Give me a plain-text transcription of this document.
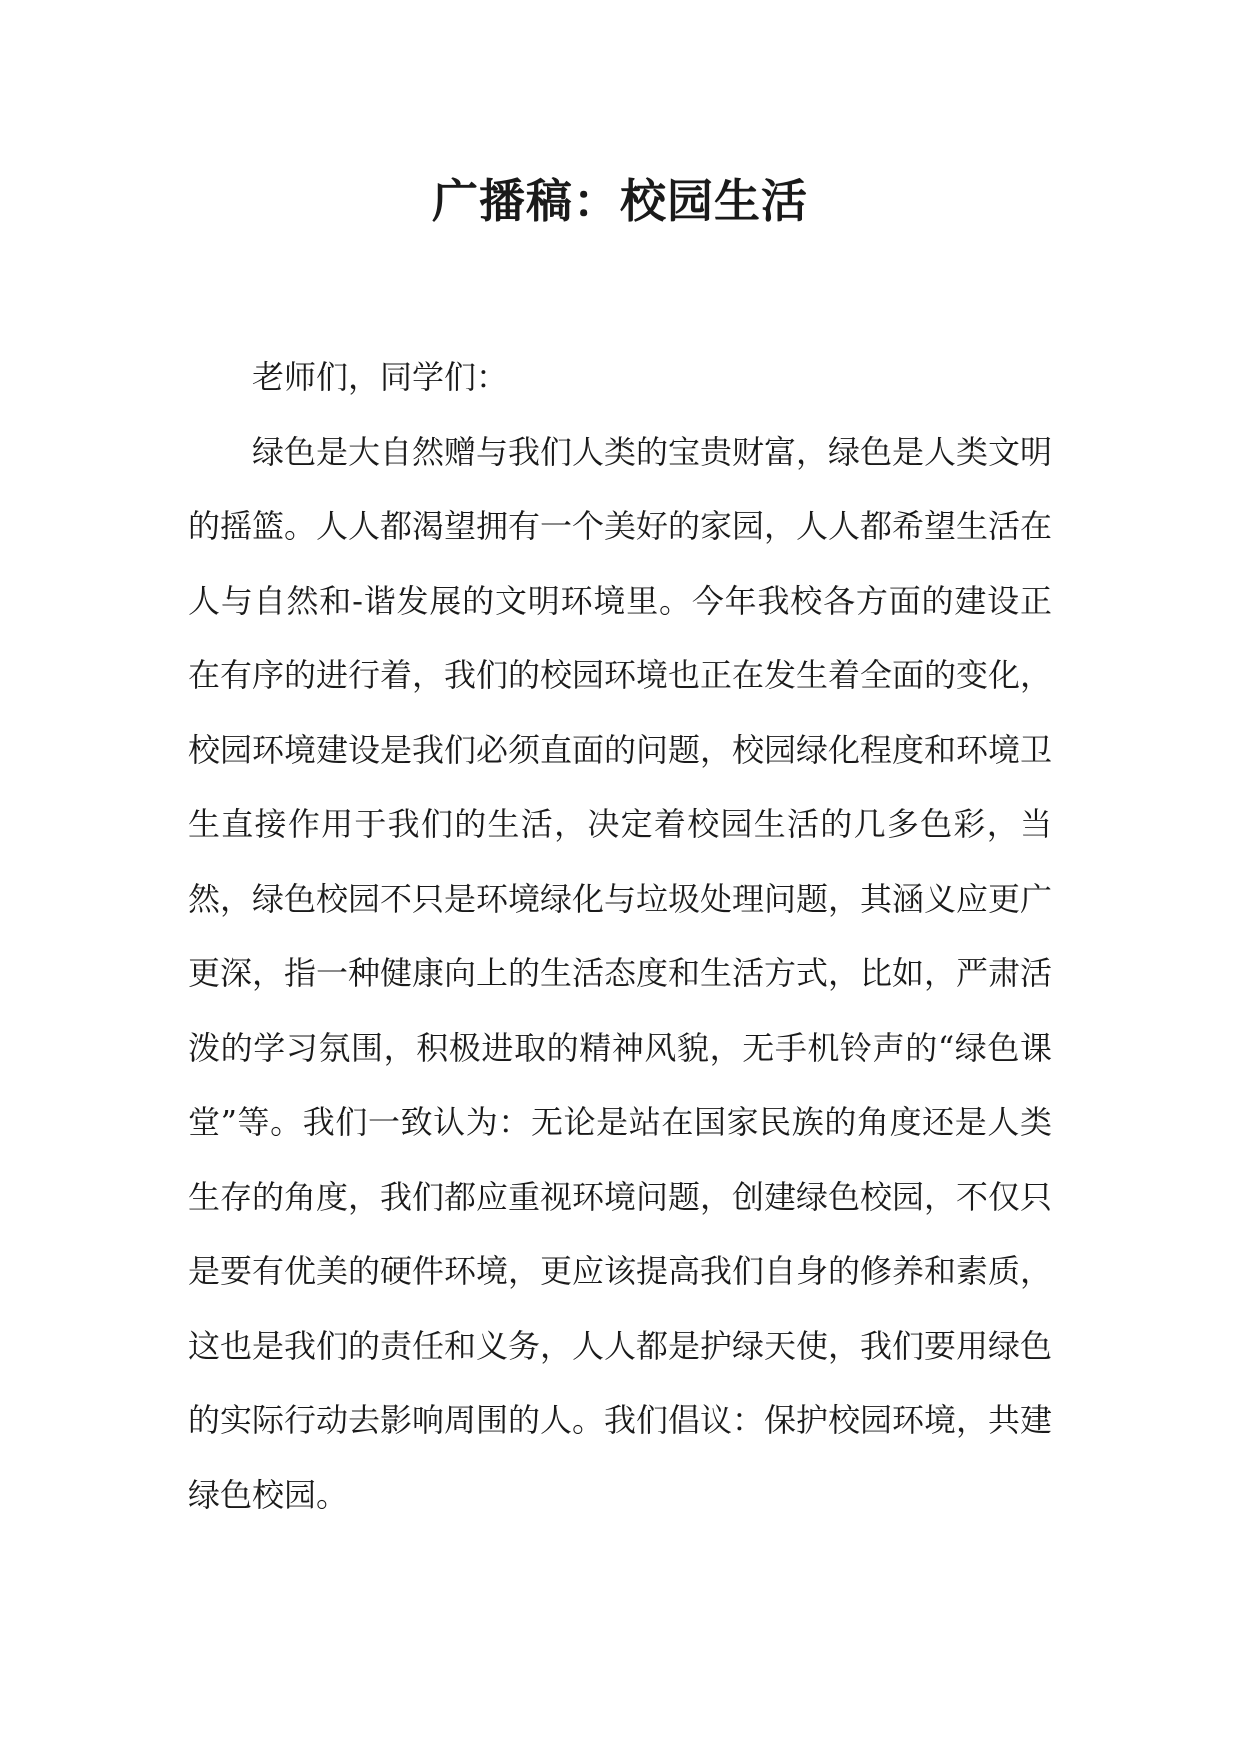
广播稿：校园生活

老师们，同学们：

绿色是大自然赠与我们人类的宝贵财富，绿色是人类文明的摇篮。人人都渴望拥有一个美好的家园，人人都希望生活在人与自然和-谐发展的文明环境里。今年我校各方面的建设正在有序的进行着，我们的校园环境也正在发生着全面的变化，校园环境建设是我们必须直面的问题，校园绿化程度和环境卫生直接作用于我们的生活，决定着校园生活的几多色彩，当然，绿色校园不只是环境绿化与垃圾处理问题，其涵义应更广更深，指一种健康向上的生活态度和生活方式，比如，严肃活泼的学习氛围，积极进取的精神风貌，无手机铃声的“绿色课堂”等。我们一致认为：无论是站在国家民族的角度还是人类生存的角度，我们都应重视环境问题，创建绿色校园，不仅只是要有优美的硬件环境，更应该提高我们自身的修养和素质，这也是我们的责任和义务，人人都是护绿天使，我们要用绿色的实际行动去影响周围的人。我们倡议：保护校园环境，共建绿色校园。
